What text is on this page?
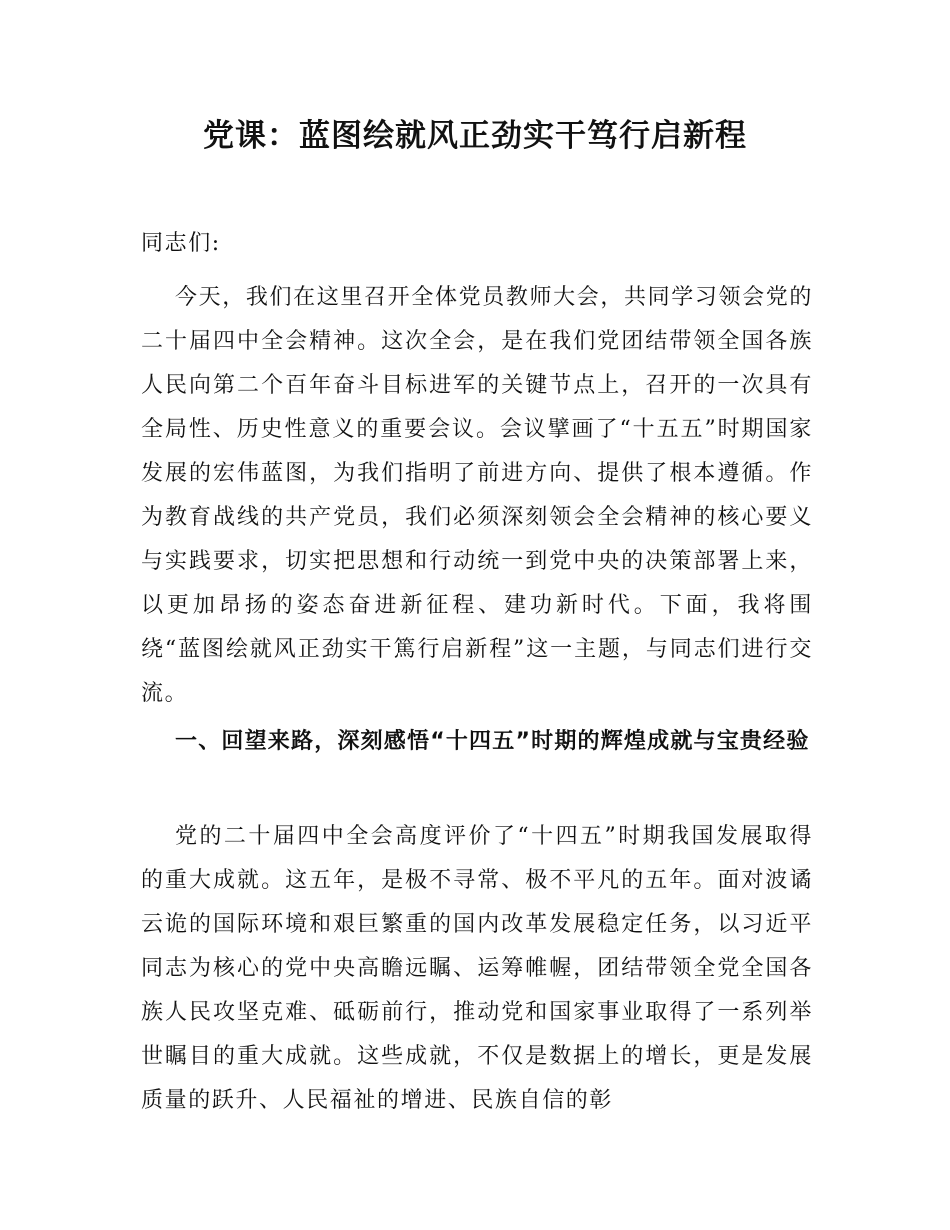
党课：蓝图绘就风正劲实干笃行启新程

同志们:

今天，我们在这里召开全体党员教师大会，共同学习领会党的二十届四中全会精神。这次全会，是在我们党团结带领全国各族人民向第二个百年奋斗目标进军的关键节点上，召开的一次具有全局性、历史性意义的重要会议。会议擘画了“十五五”时期国家发展的宏伟蓝图，为我们指明了前进方向、提供了根本遵循。作为教育战线的共产党员，我们必须深刻领会全会精神的核心要义与实践要求，切实把思想和行动统一到党中央的决策部署上来，以更加昂扬的姿态奋进新征程、建功新时代。下面，我将围绕“蓝图绘就风正劲实干篤行启新程”这一主题，与同志们进行交流。

一、回望来路，深刻感悟“十四五”时期的辉煌成就与宝贵经验

党的二十届四中全会高度评价了“十四五”时期我国发展取得的重大成就。这五年，是极不寻常、极不平凡的五年。面对波谲云诡的国际环境和艰巨繁重的国内改革发展稳定任务，以习近平同志为核心的党中央高瞻远瞩、运筹帷幄，团结带领全党全国各族人民攻坚克难、砥砺前行，推动党和国家事业取得了一系列举世瞩目的重大成就。这些成就，不仅是数据上的增长，更是发展质量的跃升、人民福祉的增进、民族自信的彰
